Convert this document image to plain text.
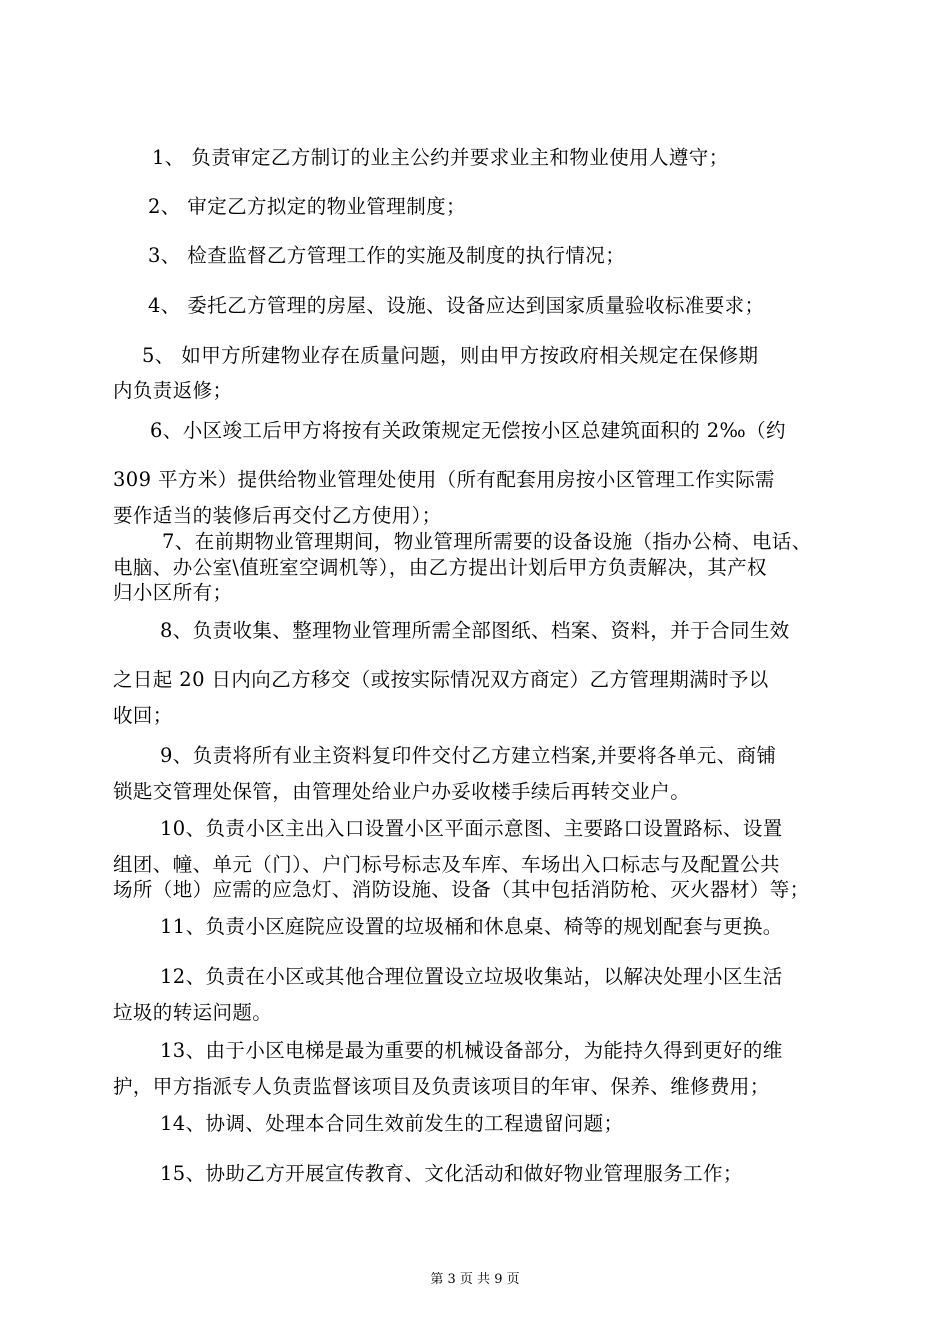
1、 负责审定乙方制订的业主公约并要求业主和物业使用人遵守；
2、 审定乙方拟定的物业管理制度；
3、 检查监督乙方管理工作的实施及制度的执行情况；
4、 委托乙方管理的房屋、设施、设备应达到国家质量验收标准要求；
5、 如甲方所建物业存在质量问题，则由甲方按政府相关规定在保修期
内负责返修；
6、小区竣工后甲方将按有关政策规定无偿按小区总建筑面积的 2‰（约
309 平方米）提供给物业管理处使用（所有配套用房按小区管理工作实际需
要作适当的装修后再交付乙方使用）；
7、在前期物业管理期间，物业管理所需要的设备设施（指办公椅、电话、
电脑、办公室\值班室空调机等），由乙方提出计划后甲方负责解决，其产权
归小区所有；
8、负责收集、整理物业管理所需全部图纸、档案、资料，并于合同生效
之日起 20 日内向乙方移交（或按实际情况双方商定）乙方管理期满时予以
收回；
9、负责将所有业主资料复印件交付乙方建立档案,并要将各单元、商铺
锁匙交管理处保管，由管理处给业户办妥收楼手续后再转交业户。
10、负责小区主出入口设置小区平面示意图、主要路口设置路标、设置
组团、幢、单元（门）、户门标号标志及车库、车场出入口标志与及配置公共
场所（地）应需的应急灯、消防设施、设备（其中包括消防枪、灭火器材）等；
11、负责小区庭院应设置的垃圾桶和休息桌、椅等的规划配套与更换。
12、负责在小区或其他合理位置设立垃圾收集站，以解决处理小区生活
垃圾的转运问题。
13、由于小区电梯是最为重要的机械设备部分，为能持久得到更好的维
护，甲方指派专人负责监督该项目及负责该项目的年审、保养、维修费用；
14、协调、处理本合同生效前发生的工程遗留问题；
15、协助乙方开展宣传教育、文化活动和做好物业管理服务工作；
第 3 页 共 9 页
